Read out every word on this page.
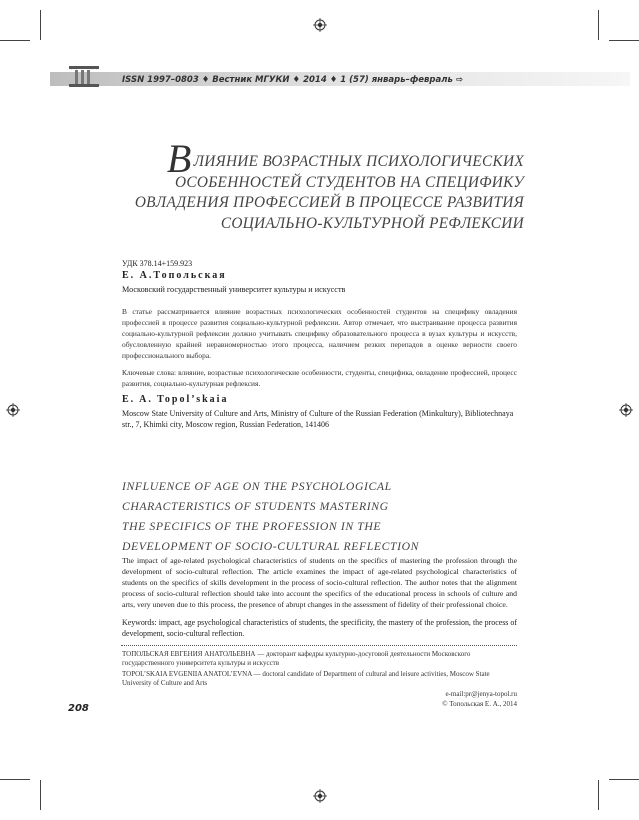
ISSN 1997–0803 ♦ Вестник МГУКИ ♦ 2014 ♦ 1 (57) январь–февраль ⇨
ВЛИЯНИЕ ВОЗРАСТНЫХ ПСИХОЛОГИЧЕСКИХ
ОСОБЕННОСТЕЙ СТУДЕНТОВ НА СПЕЦИФИКУ
ОВЛАДЕНИЯ ПРОФЕССИЕЙ В ПРОЦЕССЕ РАЗВИТИЯ
СОЦИАЛЬНО-КУЛЬТУРНОЙ РЕФЛЕКСИИ
УДК 378.14+159.923
Е. А.Топольская
Московский государственный университет культуры и искусств
В статье рассматривается влияние возрастных психологических особенностей студентов на специфику овладения профессией в процессе развития социально-культурной рефлексии. Автор отмечает, что выстраивание процесса развития социально-культурной рефлексии должно учитывать специфику образовательного процесса в вузах культуры и искусств, обусловленную крайней неравномерностью этого процесса, наличием резких перепадов в оценке верности своего профессионального выбора.
Ключевые слова: влияние, возрастные психологические особенности, студенты, специфика, овладение профессией, процесс развития, социально-культурная рефлексия.
E. A. Topol’skaia
Moscow State University of Culture and Arts, Ministry of Culture of the Russian Federation (Minkultury), Bibliotechnaya str., 7, Khimki city, Moscow region, Russian Federation, 141406
INFLUENCE OF AGE ON THE PSYCHOLOGICAL
CHARACTERISTICS OF STUDENTS MASTERING
THE SPECIFICS OF THE PROFESSION IN THE
DEVELOPMENT OF SOCIO-CULTURAL REFLECTION
The impact of age-related psychological characteristics of students on the specifics of mastering the profession through the development of socio-cultural reflection. The article examines the impact of age-related psychological characteristics of students on the specifics of skills development in the process of socio-cultural reflection. The author notes that the alignment process of socio-cultural reflection should take into account the specifics of the educational process in schools of culture and arts, very uneven due to this process, the presence of abrupt changes in the assessment of fidelity of their professional choice.
Keywords: impact, age psychological characteristics of students, the specificity, the mastery of the profession, the process of development, socio-cultural reflection.
ТОПОЛЬСКАЯ ЕВГЕНИЯ АНАТОЛЬЕВНА — докторант кафедры культурно-досуговой деятельности Московского государственного университета культуры и искусств
TOPOL’SKAIA EVGENIIA ANATOL’EVNA — doctoral candidate of Department of cultural and leisure activities, Moscow State University of Culture and Arts
e-mail:pr@jenya-topol.ru
© Топольская Е. А., 2014
208
